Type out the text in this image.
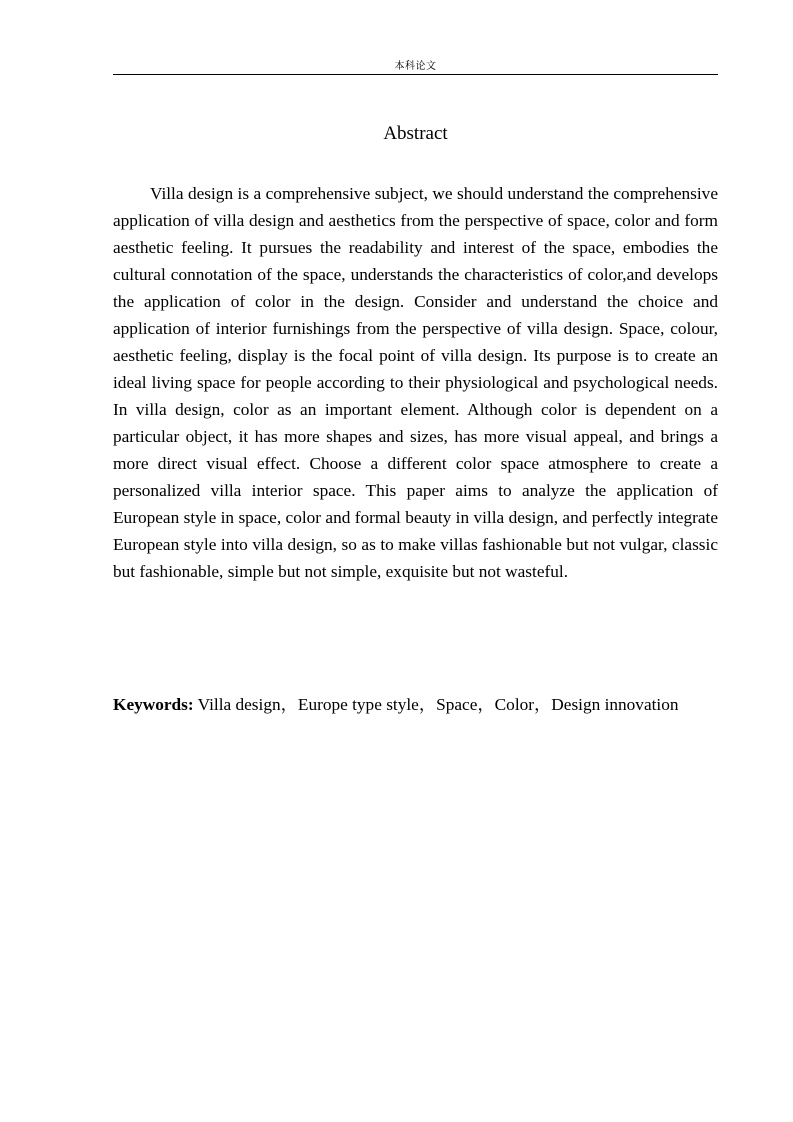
本科论文
Abstract

Villa design is a comprehensive subject, we should understand the comprehensive application of villa design and aesthetics from the perspective of space, color and form aesthetic feeling. It pursues the readability and interest of the space, embodies the cultural connotation of the space, understands the characteristics of color,and develops the application of color in the design. Consider and understand the choice and application of interior furnishings from the perspective of villa design. Space, colour, aesthetic feeling, display is the focal point of villa design. Its purpose is to create an ideal living space for people according to their physiological and psychological needs. In villa design, color as an important element. Although color is dependent on a particular object, it has more shapes and sizes, has more visual appeal, and brings a more direct visual effect. Choose a different color space atmosphere to create a personalized villa interior space. This paper aims to analyze the application of European style in space, color and formal beauty in villa design, and perfectly integrate European style into villa design, so as to make villas fashionable but not vulgar, classic but fashionable, simple but not simple, exquisite but not wasteful.

Keywords: Villa design，Europe type style，Space，Color，Design innovation
